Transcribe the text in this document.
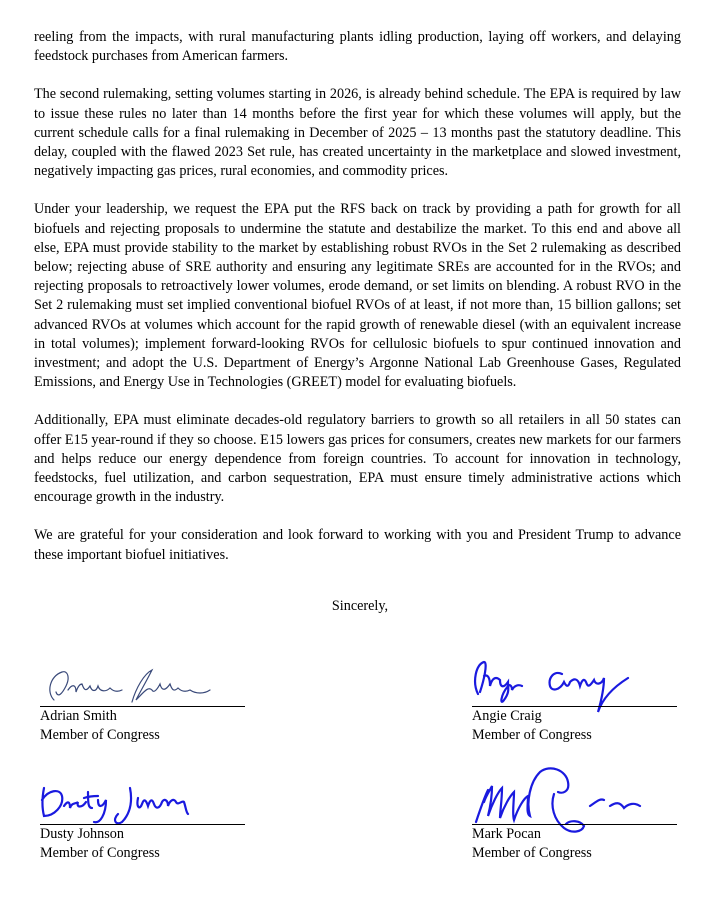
reeling from the impacts, with rural manufacturing plants idling production, laying off workers, and delaying feedstock purchases from American farmers.

The second rulemaking, setting volumes starting in 2026, is already behind schedule. The EPA is required by law to issue these rules no later than 14 months before the first year for which these volumes will apply, but the current schedule calls for a final rulemaking in December of 2025 – 13 months past the statutory deadline. This delay, coupled with the flawed 2023 Set rule, has created uncertainty in the marketplace and slowed investment, negatively impacting gas prices, rural economies, and commodity prices.

Under your leadership, we request the EPA put the RFS back on track by providing a path for growth for all biofuels and rejecting proposals to undermine the statute and destabilize the market. To this end and above all else, EPA must provide stability to the market by establishing robust RVOs in the Set 2 rulemaking as described below; rejecting abuse of SRE authority and ensuring any legitimate SREs are accounted for in the RVOs; and rejecting proposals to retroactively lower volumes, erode demand, or set limits on blending. A robust RVO in the Set 2 rulemaking must set implied conventional biofuel RVOs of at least, if not more than, 15 billion gallons; set advanced RVOs at volumes which account for the rapid growth of renewable diesel (with an equivalent increase in total volumes); implement forward-looking RVOs for cellulosic biofuels to spur continued innovation and investment; and adopt the U.S. Department of Energy’s Argonne National Lab Greenhouse Gases, Regulated Emissions, and Energy Use in Technologies (GREET) model for evaluating biofuels.

Additionally, EPA must eliminate decades-old regulatory barriers to growth so all retailers in all 50 states can offer E15 year-round if they so choose. E15 lowers gas prices for consumers, creates new markets for our farmers and helps reduce our energy dependence from foreign countries. To account for innovation in technology, feedstocks, fuel utilization, and carbon sequestration, EPA must ensure timely administrative actions which encourage growth in the industry.

We are grateful for your consideration and look forward to working with you and President Trump to advance these important biofuel initiatives.

Sincerely,
Adrian Smith
Member of Congress
Angie Craig
Member of Congress
Dusty Johnson
Member of Congress
Mark Pocan
Member of Congress
